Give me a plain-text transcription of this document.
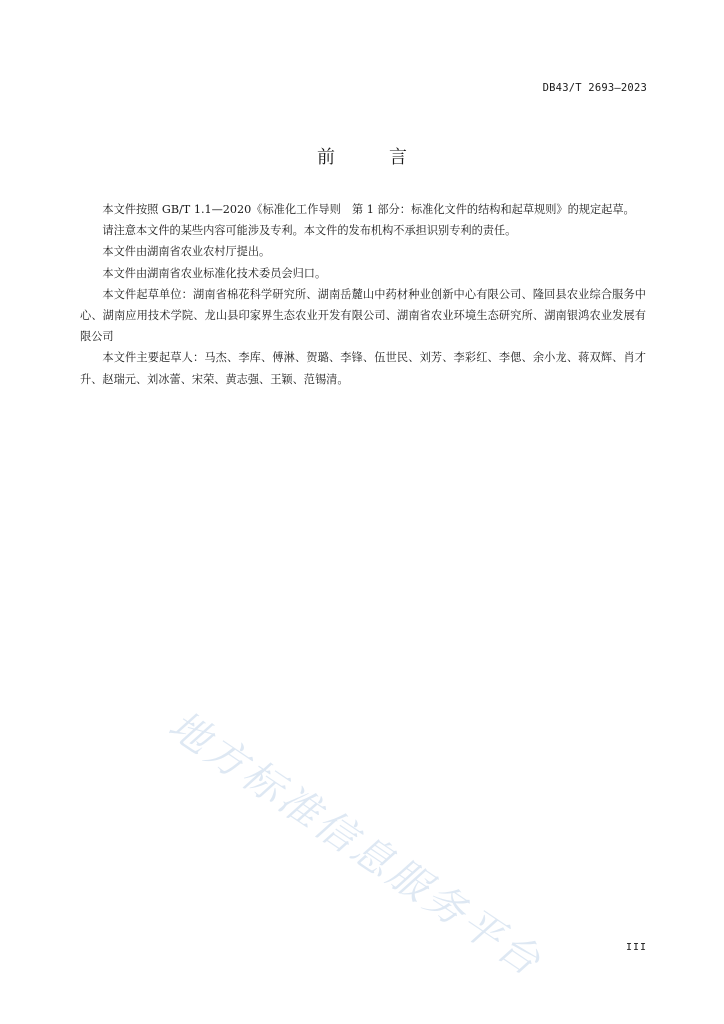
DB43/T 2693—2023
前　言

本文件按照 GB/T 1.1—2020《标准化工作导则　第 1 部分：标准化文件的结构和起草规则》的规定起草。

请注意本文件的某些内容可能涉及专利。本文件的发布机构不承担识别专利的责任。

本文件由湖南省农业农村厅提出。

本文件由湖南省农业标准化技术委员会归口。

本文件起草单位：湖南省棉花科学研究所、湖南岳麓山中药材种业创新中心有限公司、隆回县农业综合服务中心、湖南应用技术学院、龙山县印家界生态农业开发有限公司、湖南省农业环境生态研究所、湖南银鸿农业发展有限公司

本文件主要起草人：马杰、李库、傅淋、贺璐、李锋、伍世民、刘芳、李彩红、李偲、余小龙、蒋双辉、肖才升、赵瑞元、刘冰蕾、宋荣、黄志强、王颖、范锡清。

地方标准信息服务平台	III
